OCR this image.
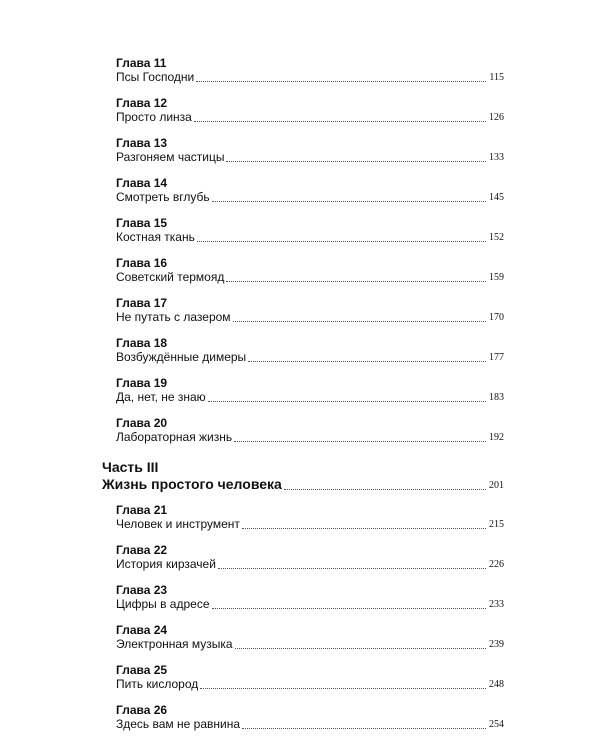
Глава 11
Псы Господни	115
Глава 12
Просто линза	126
Глава 13
Разгоняем частицы	133
Глава 14
Смотреть вглубь	145
Глава 15
Костная ткань	152
Глава 16
Советский термояд	159
Глава 17
Не путать с лазером	170
Глава 18
Возбуждённые димеры	177
Глава 19
Да, нет, не знаю	183
Глава 20
Лабораторная жизнь	192
Часть III
Жизнь простого человека	201
Глава 21
Человек и инструмент	215
Глава 22
История кирзачей	226
Глава 23
Цифры в адресе	233
Глава 24
Электронная музыка	239
Глава 25
Пить кислород	248
Глава 26
Здесь вам не равнина	254
